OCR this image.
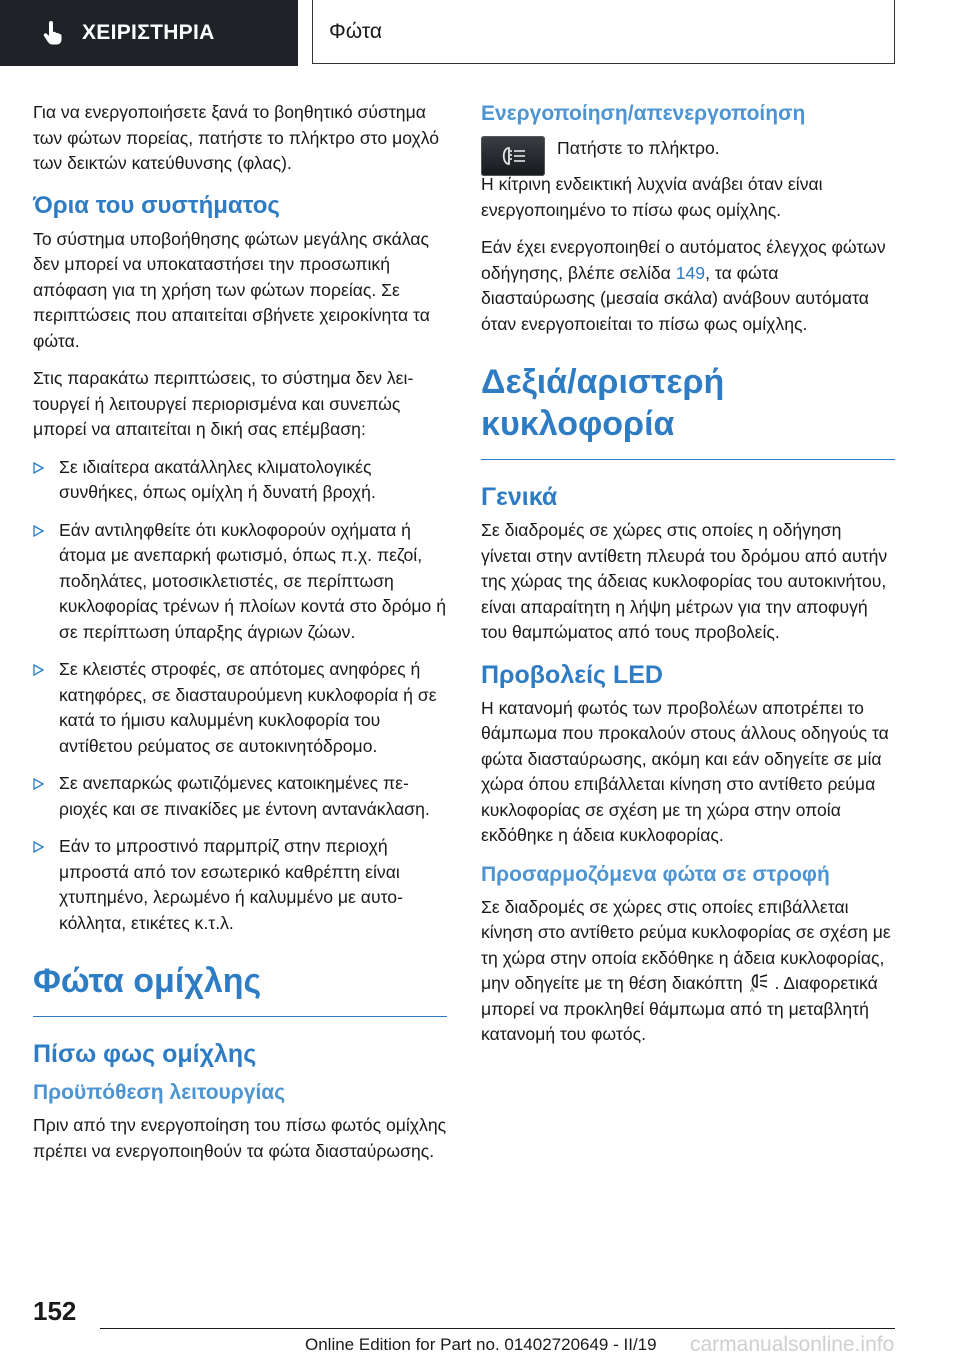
ΧΕΙΡΙΣΤΗΡΙΑ	Φώτα

Για να ενεργοποιήσετε ξανά το βοηθητικό σύστημα των φώτων πορείας, πατήστε το πλήκτρο στο μοχλό των δεικτών κατεύθυνσης (φλας).

Όρια του συστήματος

Το σύστημα υποβοήθησης φώτων μεγάλης σκάλας δεν μπορεί να υποκαταστήσει την προσωπική απόφαση για τη χρήση των φώτων πορείας. Σε περιπτώσεις που απαιτείται σβήνετε χειροκίνητα τα φώτα.

Στις παρακάτω περιπτώσεις, το σύστημα δεν λειτουργεί ή λειτουργεί περιορισμένα και συνεπώς μπορεί να απαιτείται η δική σας επέμβαση:

Σε ιδιαίτερα ακατάλληλες κλιματολογικές συνθήκες, όπως ομίχλη ή δυνατή βροχή.
Εάν αντιληφθείτε ότι κυκλοφορούν οχήματα ή άτομα με ανεπαρκή φωτισμό, όπως π.χ. πεζοί, ποδηλάτες, μοτοσικλετιστές, σε περίπτωση κυκλοφορίας τρένων ή πλοίων κοντά στο δρόμο ή σε περίπτωση ύπαρξης άγριων ζώων.
Σε κλειστές στροφές, σε απότομες ανηφόρες ή κατηφόρες, σε διασταυρούμενη κυκλοφορία ή σε κατά το ήμισυ καλυμμένη κυκλοφορία του αντίθετου ρεύματος σε αυτοκινητόδρομο.
Σε ανεπαρκώς φωτιζόμενες κατοικημένες περιοχές και σε πινακίδες με έντονη αντανάκλαση.
Εάν το μπροστινό παρμπρίζ στην περιοχή μπροστά από τον εσωτερικό καθρέπτη είναι χτυπημένο, λερωμένο ή καλυμμένο με αυτοκόλλητα, ετικέτες κ.τ.λ.
Φώτα ομίχλης
Πίσω φως ομίχλης
Προϋπόθεση λειτουργίας

Πριν από την ενεργοποίηση του πίσω φωτός ομίχλης πρέπει να ενεργοποιηθούν τα φώτα διασταύρωσης.

Ενεργοποίηση/απενεργοποίηση

Πατήστε το πλήκτρο.

Η κίτρινη ενδεικτική λυχνία ανάβει όταν είναι ενεργοποιημένο το πίσω φως ομίχλης.

Εάν έχει ενεργοποιηθεί ο αυτόματος έλεγχος φώτων οδήγησης, βλέπε σελίδα 149, τα φώτα διασταύρωσης (μεσαία σκάλα) ανάβουν αυτόματα όταν ενεργοποιείται το πίσω φως ομίχλης.

Δεξιά/αριστερή κυκλοφορία
Γενικά

Σε διαδρομές σε χώρες στις οποίες η οδήγηση γίνεται στην αντίθετη πλευρά του δρόμου από αυτήν της χώρας της άδειας κυκλοφορίας του αυτοκινήτου, είναι απαραίτητη η λήψη μέτρων για την αποφυγή του θαμπώματος από τους προβολείς.

Προβολείς LED

Η κατανομή φωτός των προβολέων αποτρέπει το θάμπωμα που προκαλούν στους άλλους οδηγούς τα φώτα διασταύρωσης, ακόμη και εάν οδηγείτε σε μία χώρα όπου επιβάλλεται κίνηση στο αντίθετο ρεύμα κυκλοφορίας σε σχέση με τη χώρα στην οποία εκδόθηκε η άδεια κυκλοφορίας.

Προσαρμοζόμενα φώτα σε στροφή

Σε διαδρομές σε χώρες στις οποίες επιβάλλεται κίνηση στο αντίθετο ρεύμα κυκλοφορίας σε σχέση με τη χώρα στην οποία εκδόθηκε η άδεια κυκλοφορίας, μην οδηγείτε με τη θέση διακόπτη A . Διαφορετικά μπορεί να προκληθεί θάμπωμα από τη μεταβλητή κατανομή του φωτός.

152
Online Edition for Part no. 01402720649 - II/19 carmanualsonline.info
